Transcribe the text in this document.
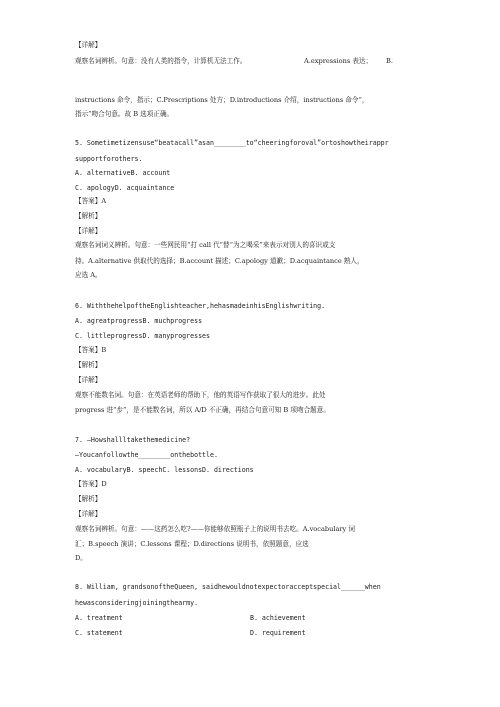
【详解】
观察名词辨析。句意：没有人类的指令，计算机无法工作。	A.expressions 表达； B.
instructions 命令，指示；C.Prescriptions 处方；D.introductions 介绍，instructions 命令“，
指示”吻合句意。故 B 选项正确。
5. Sometimetizensuse“beatacall”asan________to“cheeringforoval”ortoshowtheirappr
supportforothers.
A. alternativeB. account
C. apologyD. acquaintance
【答案】A
【解析】
【详解】
观察名词词义辨析。句意：一些网民用“打 call 代”替“为之喝采”来表示对别人的喜识或支
持。A.alternative 供取代的选择；B.account 描述；C.apology 道歉；D.acquaintance 熟人，
应选 A。
6. WiththehelpoftheEnglishteacher,hehasmadeinhisEnglishwriting.
A. agreatprogressB. muchprogress
C. littleprogressD. manyprogresses
【答案】B
【解析】
【详解】
观察不能数名词。句意：在英语老师的帮助下，他的英语写作获取了很大的进步。此处
progress 进“步”，是不能数名词，所以 A/D 不正确，再结合句意可知 B 项吻合题意。
7. —Howshallltakethemedicine?
—Youcanfollowthe________onthebottle.
A. vocabularyB. speechC. lessonsD. directions
【答案】D
【解析】
【详解】
观察名词辨析。句意：——这药怎么吃?——你能够依照瓶子上的说明书去吃。A.vocabulary 词
汇；B.speech 演讲；C.lessons 课程；D.directions 说明书，依照题意，应选
D。
8. William, grandsonoftheQueen, saidhewouldnotexpectoracceptspecial______when
hewasconsideringjoiningthearmy.
A. treatment	B. achievement
C. statement	D. requirement
